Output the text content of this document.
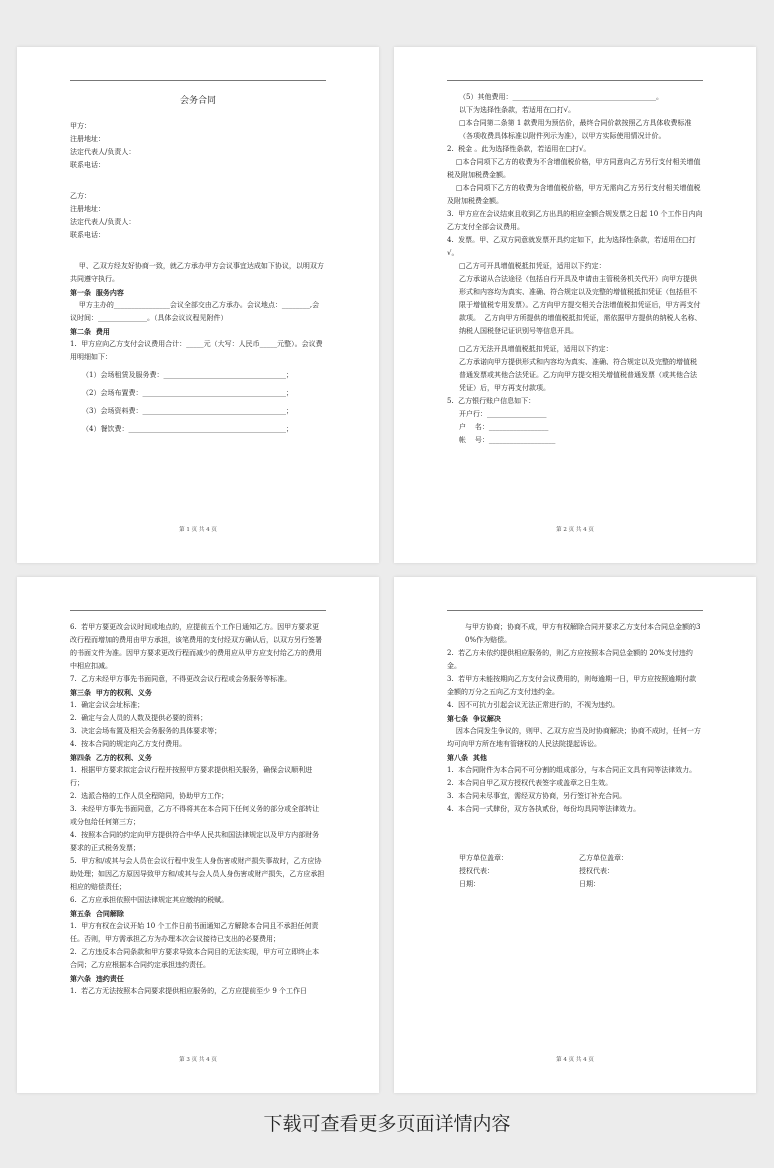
会务合同

甲方：

注册地址：

法定代表人/负责人：

联系电话：

乙方：

注册地址：

法定代表人/负责人：

联系电话：

甲、乙双方经友好协商一致，就乙方承办甲方会议事宜达成如下协议，以明双方共同遵守执行。

第一条  服务内容

甲方主办的________________会议全部交由乙方承办。会议地点：________,会议时间：______________。（具体会议议程见附件）

第二条  费用

1.  甲方应向乙方支付会议费用合计：_____元（大写：人民币_____元整）。会议费用明细如下：

（1）会场租赁及服务费：___________________________________；

（2）会场布置费：_________________________________________；

（3）会场资料费：_________________________________________；

（4）餐饮费：_____________________________________________；

第 1 页 共 4 页

（5）其他费用：_________________________________________。

以下为选择性条款，若适用在□打√。

□本合同第二条第 1 款费用为预估价，最终合同价款按照乙方具体收费标准（各项收费具体标准以附件列示为准），以甲方实际使用情况计价。

2.  税金 。此为选择性条款，若适用在□打√。

□本合同项下乙方的收费为不含增值税价格，甲方同意向乙方另行支付相关增值税及附加税费金额。

□本合同项下乙方的收费为含增值税价格，甲方无需向乙方另行支付相关增值税及附加税费金额。

3.  甲方应在会议结束且收到乙方出具的相应金额合规发票之日起 10 个工作日内向乙方支付全部会议费用。

4.  发票。甲、乙双方同意就发票开具约定如下，此为选择性条款，若适用在□打√。

□乙方可开具增值税抵扣凭证，适用以下约定：

乙方承诺从合法途径（包括自行开具及申请由主管税务机关代开）向甲方提供形式和内容均为真实、准确、符合规定以及完整的增值税抵扣凭证（包括但不限于增值税专用发票）。乙方向甲方提交相关合法增值税扣凭证后，甲方再支付款项。  乙方向甲方所提供的增值税抵扣凭证，需依据甲方提供的纳税人名称、纳税人国税登记证识别号等信息开具。

□乙方无法开具增值税抵扣凭证，适用以下约定：

乙方承诺向甲方提供形式和内容均为真实、准确、符合规定以及完整的增值税普通发票或其他合法凭证。乙方向甲方提交相关增值税普通发票（或其他合法凭证）后，甲方再支付款项。

5.  乙方银行账户信息如下：

开户行：_________________

户    名：_________________

帐    号：___________________

第 2 页 共 4 页

6.  若甲方要更改会议时间或地点的，应提前五个工作日通知乙方。因甲方要求更改行程而增加的费用由甲方承担，该笔费用的支付经双方确认后，以双方另行签署的书面文件为准。因甲方要求更改行程而减少的费用应从甲方应支付给乙方的费用中相应扣减。

7.  乙方未经甲方事先书面同意，不得更改会议行程或会务服务等标准。

第三条  甲方的权利、义务

1.  确定会议会址标准；

2.  确定与会人员的人数及提供必要的资料；

3.  决定会场布置及相关会务服务的具体要求等；

4.  按本合同的规定向乙方支付费用。

第四条  乙方的权利、义务

1.  根据甲方要求拟定会议行程并按照甲方要求提供相关服务，确保会议顺利进行；

2.  选派合格的工作人员全程陪同，协助甲方工作；

3.  未经甲方事先书面同意，乙方不得将其在本合同下任何义务的部分或全部转让或分包给任何第三方；

4.  按照本合同的约定向甲方提供符合中华人民共和国法律规定以及甲方内部财务要求的正式税务发票；

5.  甲方和/或其与会人员在会议行程中发生人身伤害或财产损失事故时，乙方应协助处理；如因乙方原因导致甲方和/或其与会人员人身伤害或财产损失，乙方应承担相应的赔偿责任；

6.  乙方应承担依照中国法律规定其应缴纳的税赋。

第五条  合同解除

1.  甲方有权在会议开始 10 个工作日前书面通知乙方解除本合同且不承担任何责任。否则，甲方需承担乙方为办理本次会议接待已支出的必要费用；

2.  乙方违反本合同条款和甲方要求导致本合同目的无法实现，甲方可立即终止本合同；乙方应根据本合同约定承担违约责任。

第六条  违约责任

1.  若乙方无法按照本合同要求提供相应服务的，乙方应提前至少 9 个工作日

第 3 页 共 4 页

与甲方协商；协商不成，甲方有权解除合同并要求乙方支付本合同总金额的30%作为赔偿。

2.  若乙方未依约提供相应服务的，则乙方应按照本合同总金额的 20%支付违约金。

3.  若甲方未能按期向乙方支付会议费用的，则每逾期一日，甲方应按照逾期付款金额的万分之五向乙方支付违约金。

4.  因不可抗力引起会议无法正常进行的，不视为违约。

第七条  争议解决

因本合同发生争议的，则甲、乙双方应当及时协商解决；协商不成时，任何一方均可向甲方所在地有管辖权的人民法院提起诉讼。

第八条  其他

1.  本合同附件为本合同不可分割的组成部分，与本合同正文具有同等法律效力。

2.  本合同自甲乙双方授权代表签字或盖章之日生效。

3.  本合同未尽事宜，需经双方协商，另行签订补充合同。

4.  本合同一式肆份，双方各执贰份，每份均具同等法律效力。

甲方单位盖章：	乙方单位盖章：
授权代表：	授权代表：
日期：	日期：
第 4 页 共 4 页
下载可查看更多页面详情内容
